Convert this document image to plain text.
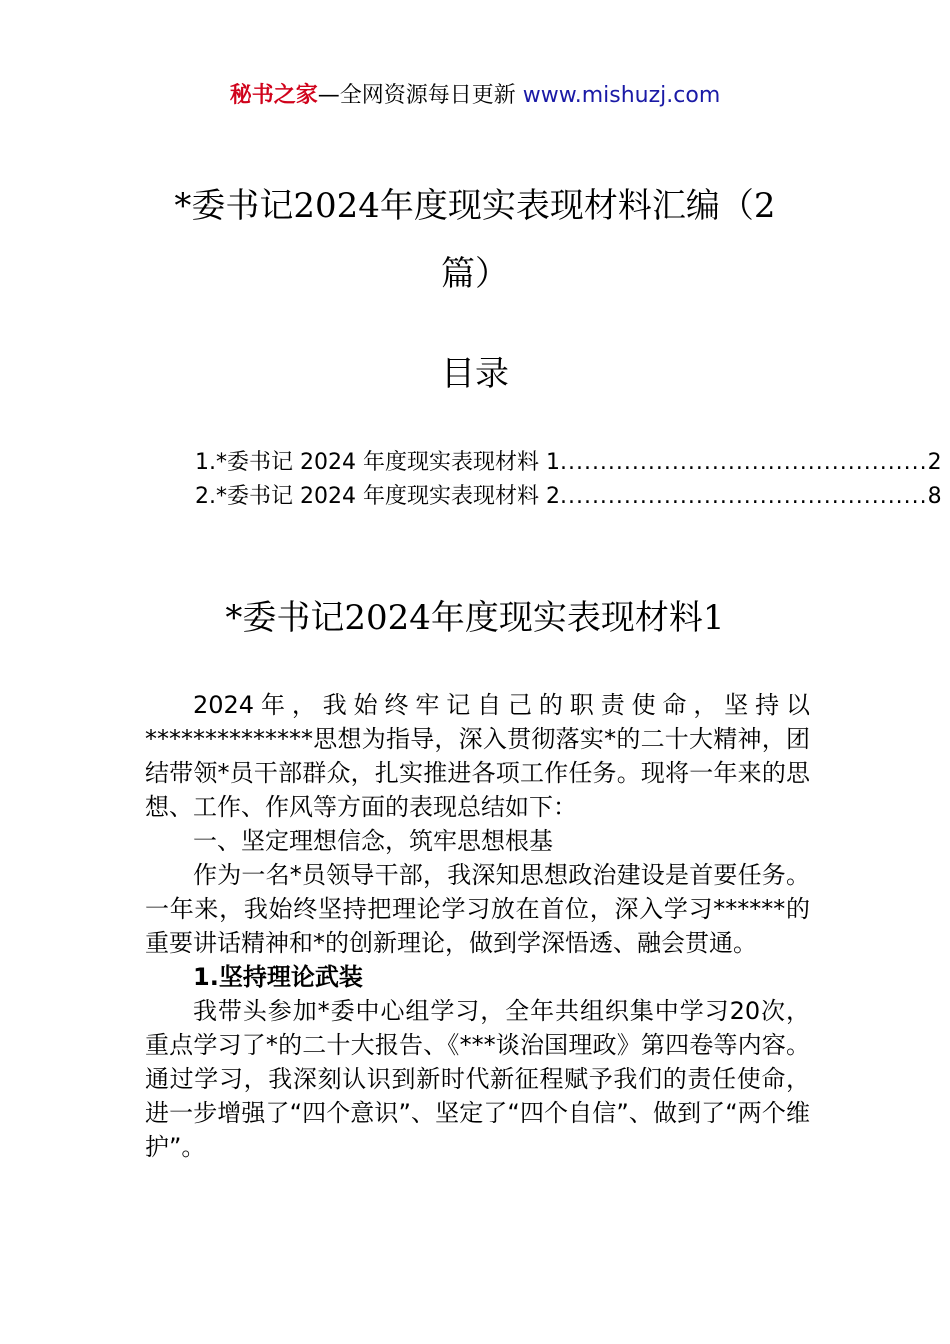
秘书之家—全网资源每日更新 www.mishuzj.com
*委书记2024年度现实表现材料汇编（2篇）
目录
1.*委书记 2024 年度现实表现材料 1 .............................................. 2
2.*委书记 2024 年度现实表现材料 2 .............................................. 8
*委书记2024年度现实表现材料1

2024年，我始终牢记自己的职责使命，坚持以**************思想为指导，深入贯彻落实*的二十大精神，团结带领*员干部群众，扎实推进各项工作任务。现将一年来的思想、工作、作风等方面的表现总结如下：

一、坚定理想信念，筑牢思想根基

作为一名*员领导干部，我深知思想政治建设是首要任务。一年来，我始终坚持把理论学习放在首位，深入学习******的重要讲话精神和*的创新理论，做到学深悟透、融会贯通。

1.坚持理论武装

我带头参加*委中心组学习，全年共组织集中学习20次，重点学习了*的二十大报告、《***谈治国理政》第四卷等内容。通过学习，我深刻认识到新时代新征程赋予我们的责任使命，进一步增强了“四个意识”、坚定了“四个自信”、做到了“两个维护”。
